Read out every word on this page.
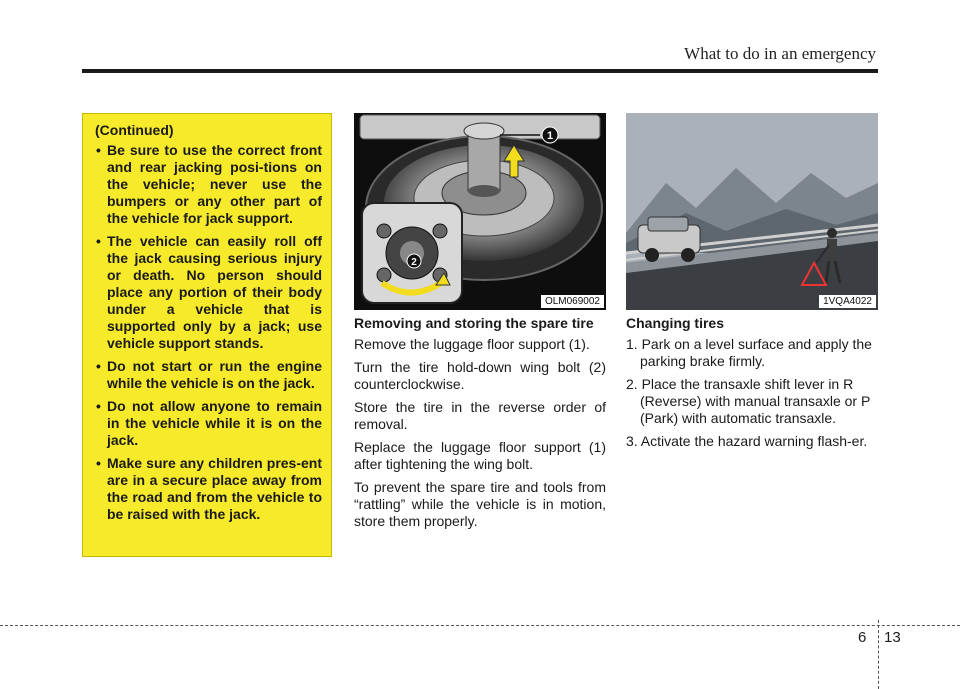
What to do in an emergency
(Continued)
• Be sure to use the correct front and rear jacking posi-tions on the vehicle; never use the bumpers or any other part of the vehicle for jack support.
• The vehicle can easily roll off the jack causing serious injury or death. No person should place any portion of their body under a vehicle that is supported only by a jack; use vehicle support stands.
• Do not start or run the engine while the vehicle is on the jack.
• Do not allow anyone to remain in the vehicle while it is on the jack.
• Make sure any children pres-ent are in a secure place away from the road and from the vehicle to be raised with the jack.
1
2
OLM069002	1VQA4022
Removing and storing the spare tire

Remove the luggage floor support (1).

Turn the tire hold-down wing bolt (2) counterclockwise.

Store the tire in the reverse order of removal.

Replace the luggage floor support (1) after tightening the wing bolt.

To prevent the spare tire and tools from “rattling” while the vehicle is in motion, store them properly.

Changing tires

1. Park on a level surface and apply the parking brake firmly.

2. Place the transaxle shift lever in R (Reverse) with manual transaxle or P (Park) with automatic transaxle.

3. Activate the hazard warning flash-er.

6 13
